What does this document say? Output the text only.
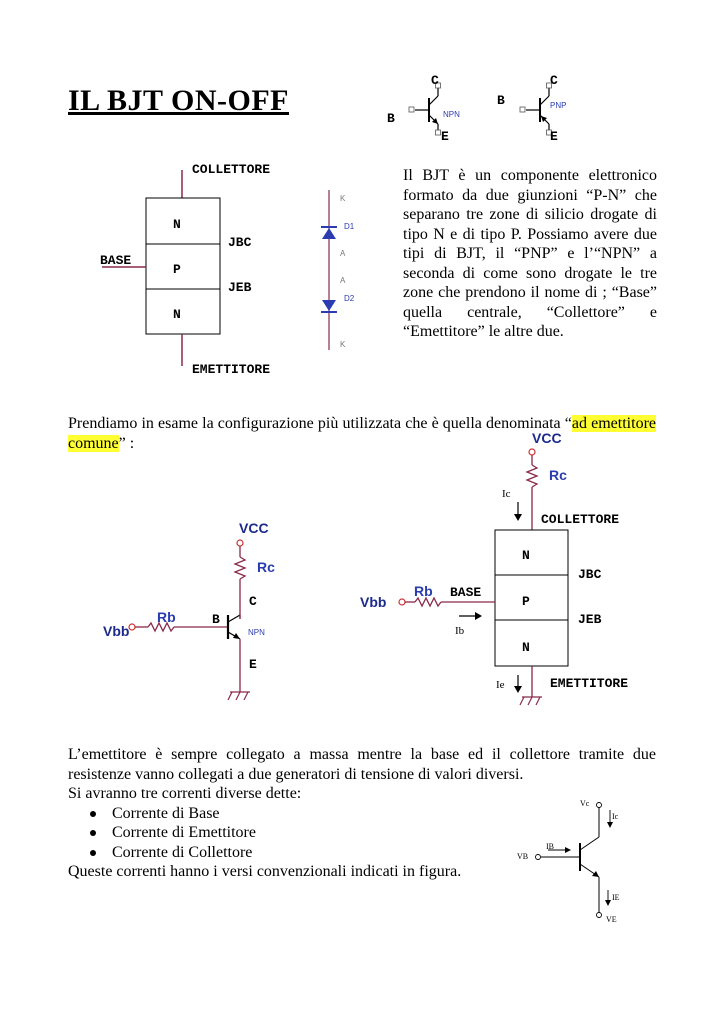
IL BJT ON-OFF
C
B
E
NPN
C
B
E
PNP
COLLETTORE
N
JBC
BASE
P
JEB
N
EMETTITORE
K
D1
A
A
D2
K
Il BJT è un componente elettronico formato da due giunzioni “P-N” che separano tre zone di silicio drogate di tipo N e di tipo P. Possiamo avere due tipi di BJT, il “PNP” e l’“NPN” a seconda di come sono drogate le tre zone che prendono il nome di ; “Base” quella centrale, “Collettore” e “Emettitore” le altre due.
Prendiamo in esame la configurazione più utilizzata che è quella denominata “ad emettitore comune” :
VCC
Rc
C
Rb	B
Vbb	NPN
E
VCC
Rc
Ic
COLLETTORE
N
JBC
Rb BASE
Vbb	P
JEB
Ib
N
Ie	EMETTITORE
L’emettitore è sempre collegato a massa mentre la base ed il collettore tramite due resistenze vanno collegati a due generatori di tensione di valori diversi.
Si avranno tre correnti diverse dette:
Corrente di Base
Corrente di Emettitore
Corrente di Collettore
Queste correnti hanno i versi convenzionali indicati in figura.
Vc
Ic
IB
VB
IE
VE
